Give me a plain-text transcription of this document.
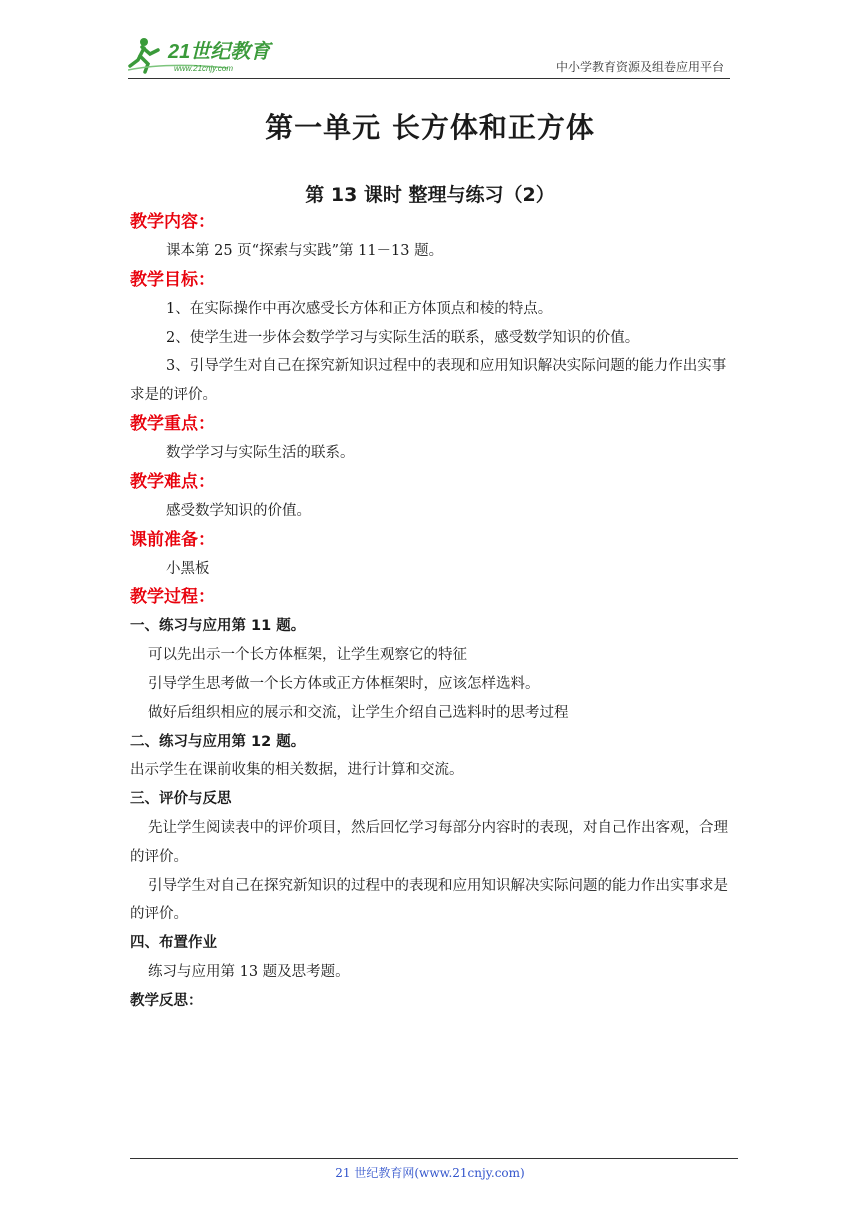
21世纪教育
www.21cnjy.com	中小学教育资源及组卷应用平台
第一单元 长方体和正方体
第 13 课时 整理与练习（2）

教学内容：

课本第 25 页“探索与实践”第 11－13 题。

教学目标：

1、在实际操作中再次感受长方体和正方体顶点和棱的特点。

2、使学生进一步体会数学学习与实际生活的联系，感受数学知识的价值。

3、引导学生对自己在探究新知识过程中的表现和应用知识解决实际问题的能力作出实事求是的评价。

教学重点：

数学学习与实际生活的联系。

教学难点：

感受数学知识的价值。

课前准备：

小黑板

教学过程：

一、练习与应用第 11 题。

可以先出示一个长方体框架，让学生观察它的特征

引导学生思考做一个长方体或正方体框架时，应该怎样选料。

做好后组织相应的展示和交流，让学生介绍自己选料时的思考过程

二、练习与应用第 12 题。

出示学生在课前收集的相关数据，进行计算和交流。

三、评价与反思

先让学生阅读表中的评价项目，然后回忆学习每部分内容时的表现，对自己作出客观，合理的评价。

引导学生对自己在探究新知识的过程中的表现和应用知识解决实际问题的能力作出实事求是的评价。

四、布置作业

练习与应用第 13 题及思考题。

教学反思：

21 世纪教育网(www.21cnjy.com)
